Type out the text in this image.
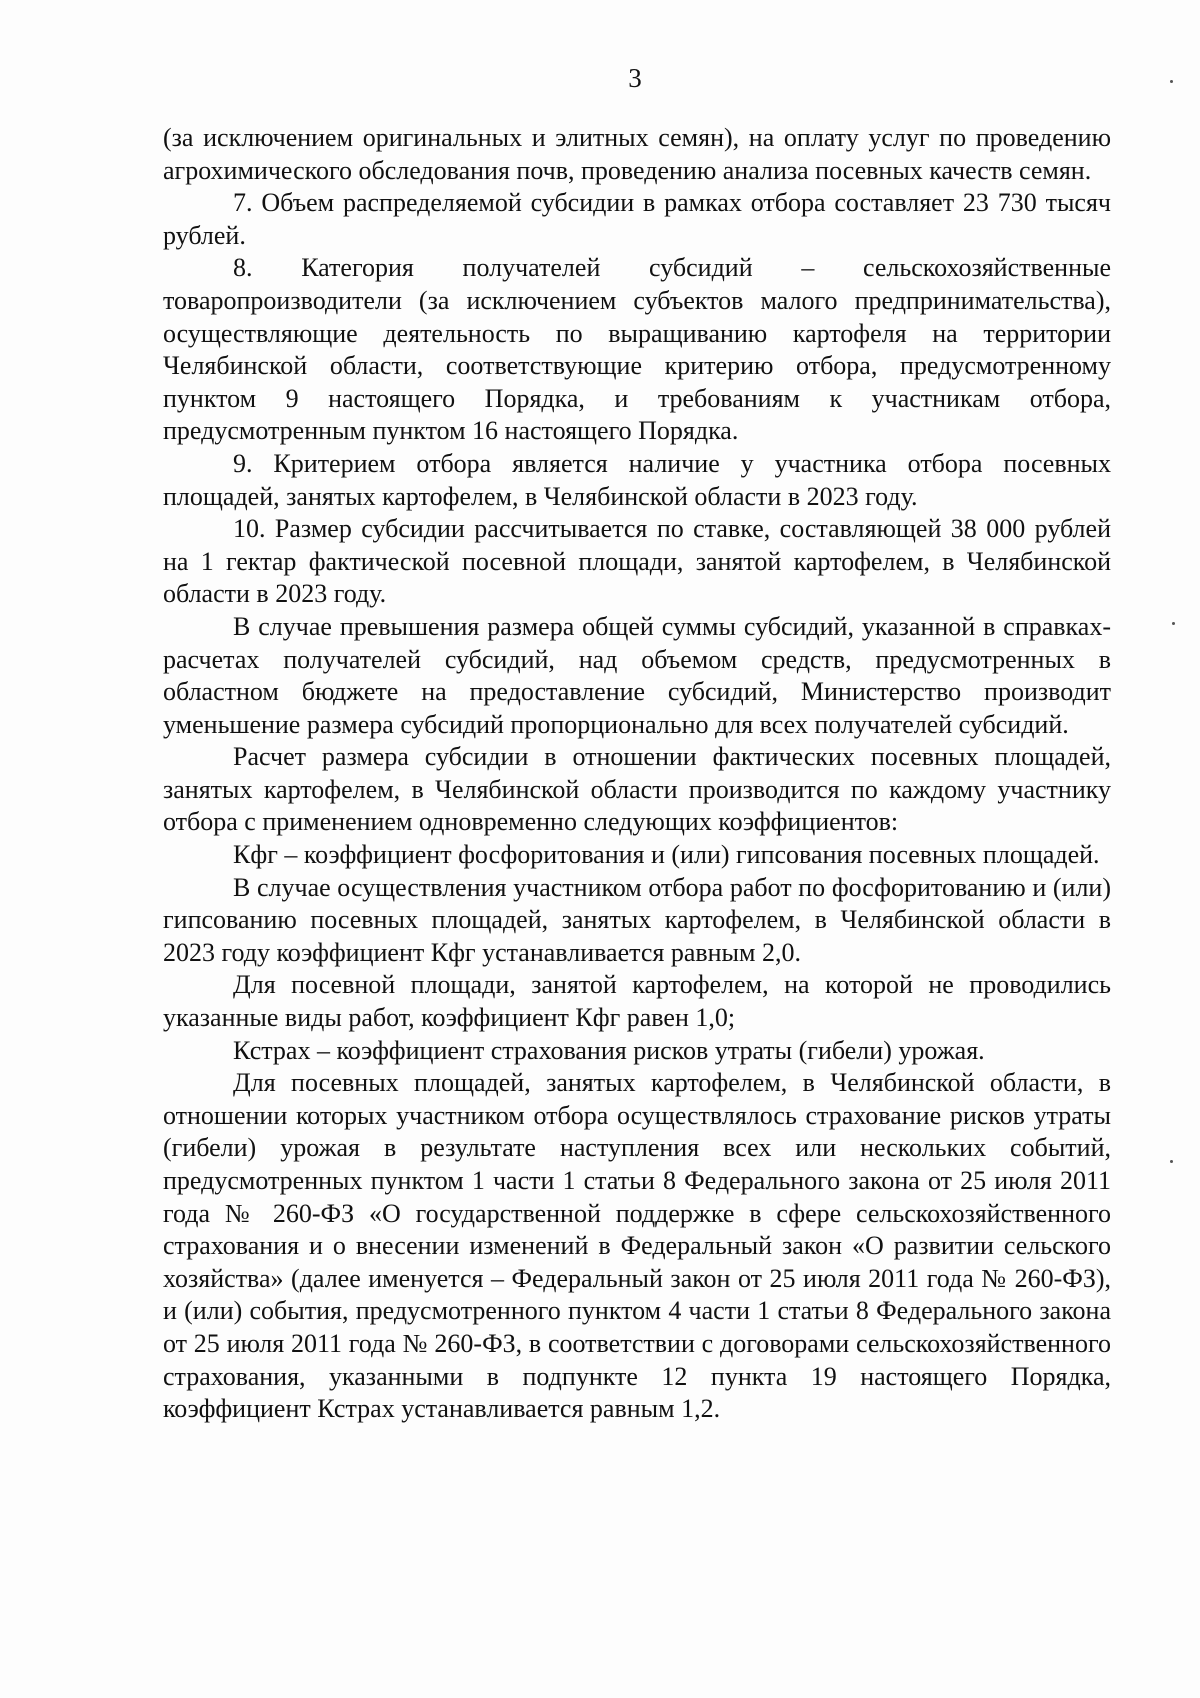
3

(за исключением оригинальных и элитных семян), на оплату услуг по проведению агрохимического обследования почв, проведению анализа посевных качеств семян.

7. Объем распределяемой субсидии в рамках отбора составляет 23 730 тысяч рублей.

8. Категория получателей субсидий – сельскохозяйственные товаропроизводители (за исключением субъектов малого предпринимательства), осуществляющие деятельность по выращиванию картофеля на территории Челябинской области, соответствующие критерию отбора, предусмотренному пунктом 9 настоящего Порядка, и требованиям к участникам отбора, предусмотренным пунктом 16 настоящего Порядка.

9. Критерием отбора является наличие у участника отбора посевных площадей, занятых картофелем, в Челябинской области в 2023 году.

10. Размер субсидии рассчитывается по ставке, составляющей 38 000 рублей на 1 гектар фактической посевной площади, занятой картофелем, в Челябинской области в 2023 году.

В случае превышения размера общей суммы субсидий, указанной в справках-расчетах получателей субсидий, над объемом средств, предусмотренных в областном бюджете на предоставление субсидий, Министерство производит уменьшение размера субсидий пропорционально для всех получателей субсидий.

Расчет размера субсидии в отношении фактических посевных площадей, занятых картофелем, в Челябинской области производится по каждому участнику отбора с применением одновременно следующих коэффициентов:

Кфг – коэффициент фосфоритования и (или) гипсования посевных площадей.

В случае осуществления участником отбора работ по фосфоритованию и (или) гипсованию посевных площадей, занятых картофелем, в Челябинской области в 2023 году коэффициент Кфг устанавливается равным 2,0.

Для посевной площади, занятой картофелем, на которой не проводились указанные виды работ, коэффициент Кфг равен 1,0;

Кстрах – коэффициент страхования рисков утраты (гибели) урожая.

Для посевных площадей, занятых картофелем, в Челябинской области, в отношении которых участником отбора осуществлялось страхование рисков утраты (гибели) урожая в результате наступления всех или нескольких событий, предусмотренных пунктом 1 части 1 статьи 8 Федерального закона от 25 июля 2011 года № 260-ФЗ «О государственной поддержке в сфере сельскохозяйственного страхования и о внесении изменений в Федеральный закон «О развитии сельского хозяйства» (далее именуется – Федеральный закон от 25 июля 2011 года № 260-ФЗ), и (или) события, предусмотренного пунктом 4 части 1 статьи 8 Федерального закона от 25 июля 2011 года № 260-ФЗ, в соответствии с договорами сельскохозяйственного страхования, указанными в подпункте 12 пункта 19 настоящего Порядка, коэффициент Кстрах устанавливается равным 1,2.
